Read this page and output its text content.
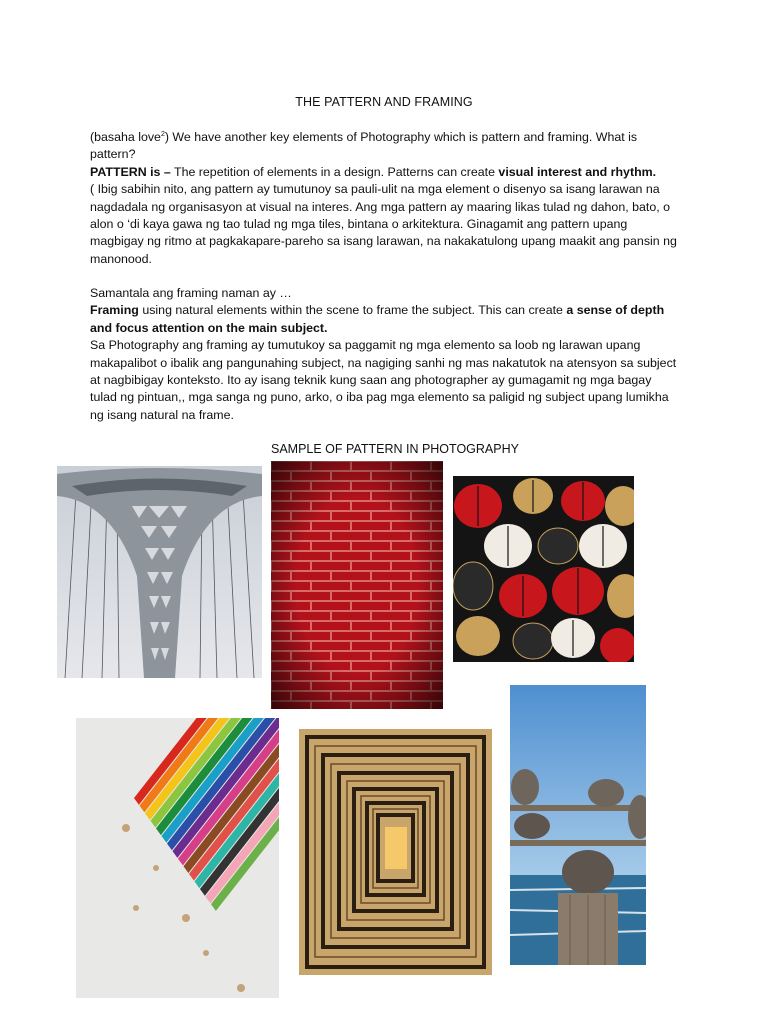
THE PATTERN AND FRAMING

(basaha love$^2$) We have another key elements of Photography which is pattern and framing. What is pattern?

PATTERN is – The repetition of elements in a design. Patterns can create visual interest and rhythm.

( Ibig sabihin nito, ang pattern ay tumutunoy sa pauli-ulit na mga element o disenyo sa isang larawan na nagdadala ng organisasyon at visual na interes. Ang mga pattern ay maaring likas tulad ng dahon, bato, o alon o ‘di kaya gawa ng tao tulad ng mga tiles, bintana o arkitektura. Ginagamit ang pattern upang magbigay ng ritmo at pagkakapare-pareho sa isang larawan, na nakakatulong upang maakit ang pansin ng manonood.

Samantala ang framing naman ay …

Framing using natural elements within the scene to frame the subject. This can create a sense of depth and focus attention on the main subject.

Sa Photography ang framing ay tumutukoy sa paggamit ng mga elemento sa loob ng larawan upang makapalibot o ibalik ang pangunahing subject, na nagiging sanhi ng mas nakatutok na atensyon sa subject at nagbibigay konteksto. Ito ay isang teknik kung saan ang photographer ay gumagamit ng mga bagay tulad ng pintuan,, mga sanga ng puno, arko, o iba pag mga elemento sa paligid ng subject upang lumikha ng isang natural na frame.

SAMPLE OF PATTERN IN PHOTOGRAPHY
